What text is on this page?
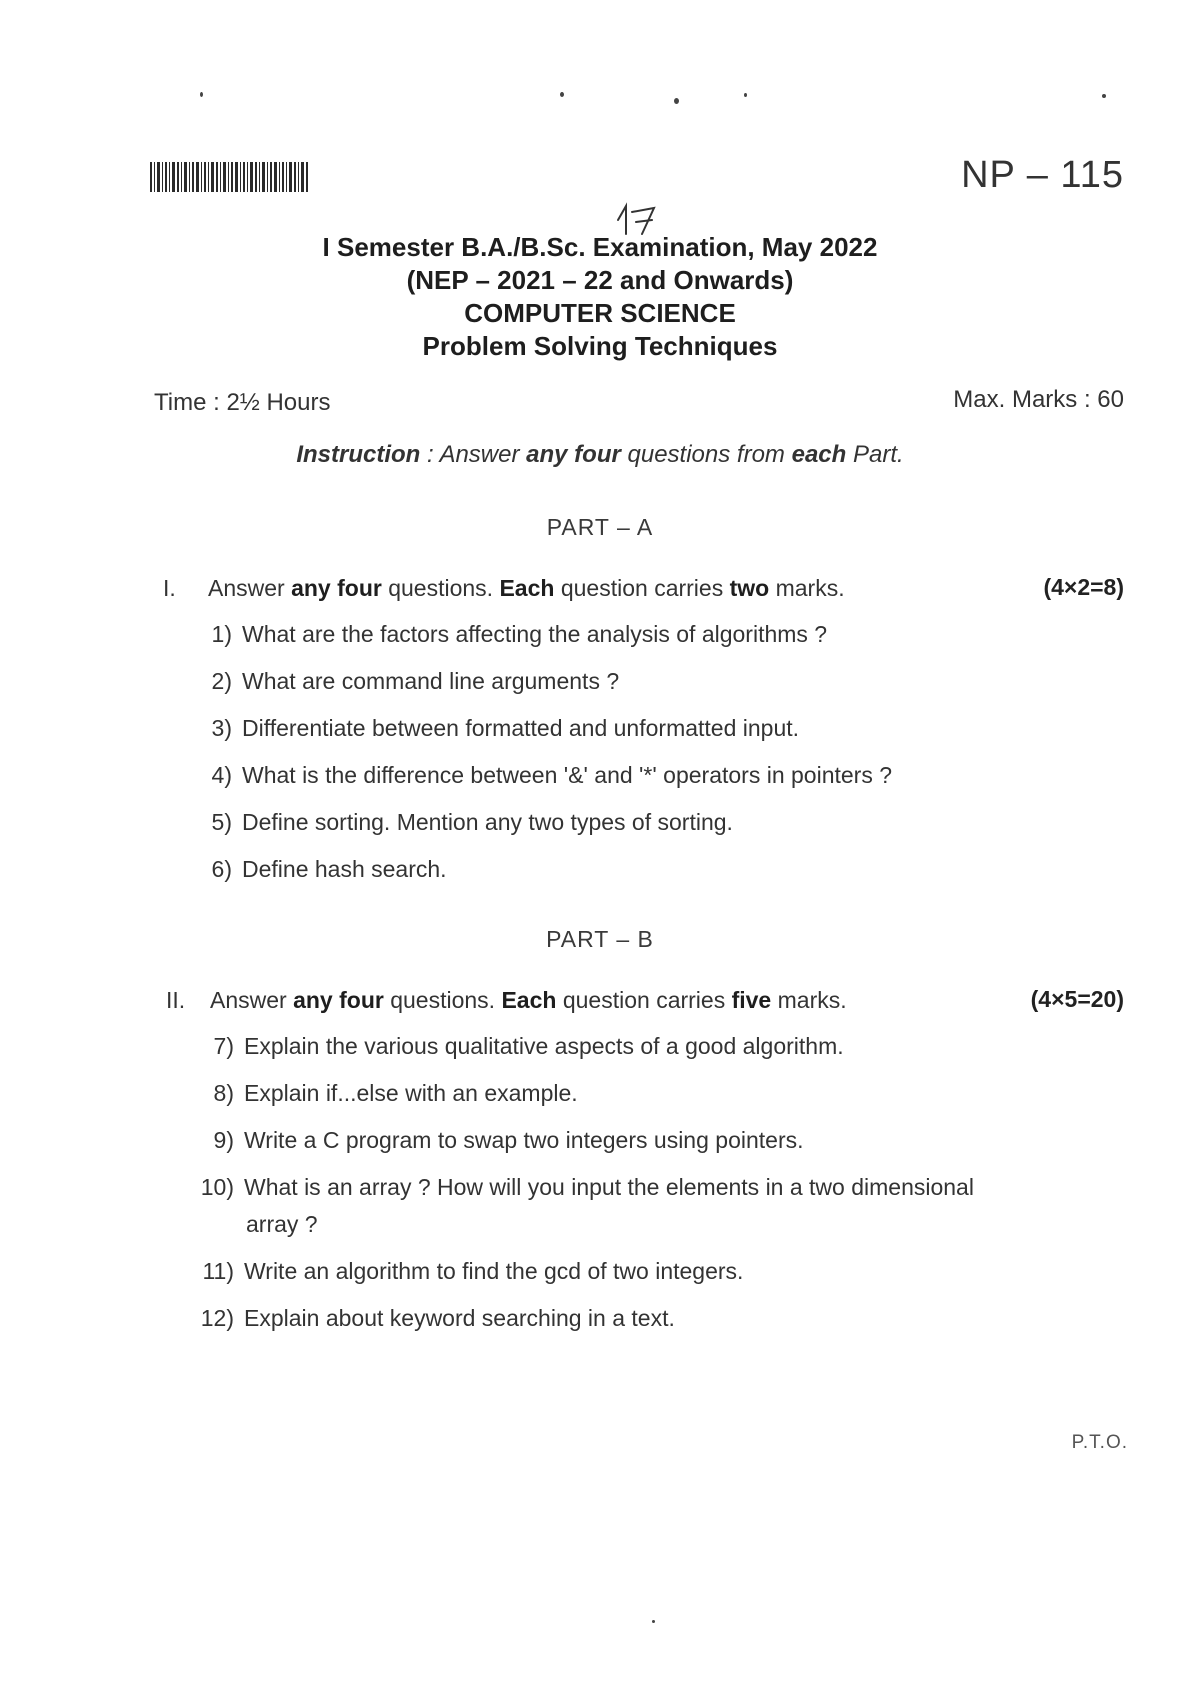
NP – 115
I Semester B.A./B.Sc. Examination, May 2022
(NEP – 2021 – 22 and Onwards)
COMPUTER SCIENCE
Problem Solving Techniques
Time : 2½ Hours	Max. Marks : 60
Instruction : Answer any four questions from each Part.
PART – A
I. Answer any four questions. Each question carries two marks.	(4×2=8)
1) What are the factors affecting the analysis of algorithms ?
2) What are command line arguments ?
3) Differentiate between formatted and unformatted input.
4) What is the difference between '&' and '*' operators in pointers ?
5) Define sorting. Mention any two types of sorting.
6) Define hash search.
PART – B
II. Answer any four questions. Each question carries five marks.	(4×5=20)
7) Explain the various qualitative aspects of a good algorithm.
8) Explain if...else with an example.
9) Write a C program to swap two integers using pointers.
10) What is an array ? How will you input the elements in a two dimensional
array ?
11) Write an algorithm to find the gcd of two integers.
12) Explain about keyword searching in a text.
P.T.O.
